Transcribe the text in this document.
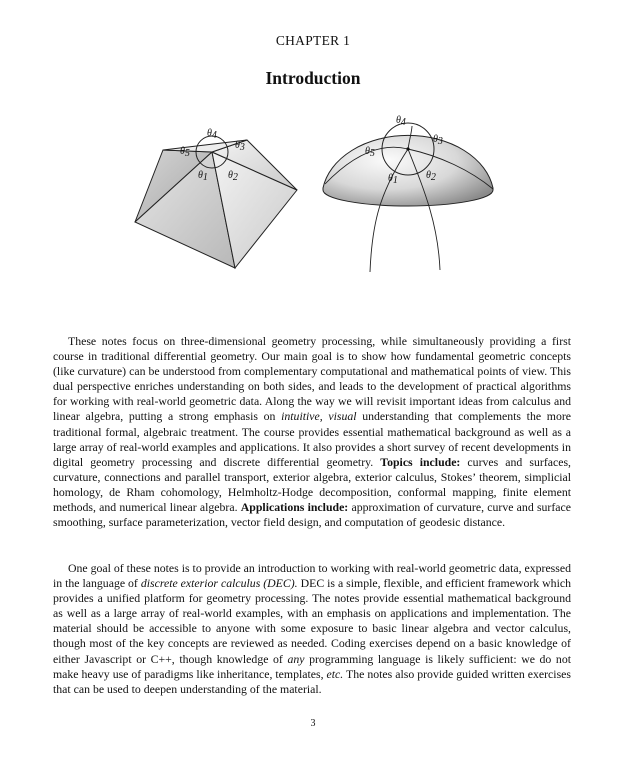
CHAPTER 1
Introduction
θ4
θ3
θ5
θ1 θ2
θ4
θ3
θ5
θ1	θ2

These notes focus on three-dimensional geometry processing, while simultaneously providing a first course in traditional differential geometry. Our main goal is to show how fundamental geometric concepts (like curvature) can be understood from complementary computational and mathematical points of view. This dual perspective enriches understanding on both sides, and leads to the development of practical algorithms for working with real-world geometric data. Along the way we will revisit important ideas from calculus and linear algebra, putting a strong emphasis on intuitive, visual understanding that complements the more traditional formal, algebraic treatment. The course provides essential mathematical background as well as a large array of real-world examples and applications. It also provides a short survey of recent developments in digital geometry processing and discrete differential geometry. Topics include: curves and surfaces, curvature, connections and parallel transport, exterior algebra, exterior calculus, Stokes’ theorem, simplicial homology, de Rham cohomology, Helmholtz-Hodge decomposition, conformal mapping, finite element methods, and numerical linear algebra. Applications include: approximation of curvature, curve and surface smoothing, surface parameterization, vector field design, and computation of geodesic distance.

One goal of these notes is to provide an introduction to working with real-world geometric data, expressed in the language of discrete exterior calculus (DEC). DEC is a simple, flexible, and efficient framework which provides a unified platform for geometry processing. The notes provide essential mathematical background as well as a large array of real-world examples, with an emphasis on applications and implementation. The material should be accessible to anyone with some exposure to basic linear algebra and vector calculus, though most of the key concepts are reviewed as needed. Coding exercises depend on a basic knowledge of either Javascript or C++, though knowledge of any programming language is likely sufficient: we do not make heavy use of paradigms like inheritance, templates, etc. The notes also provide guided written exercises that can be used to deepen understanding of the material.

3
